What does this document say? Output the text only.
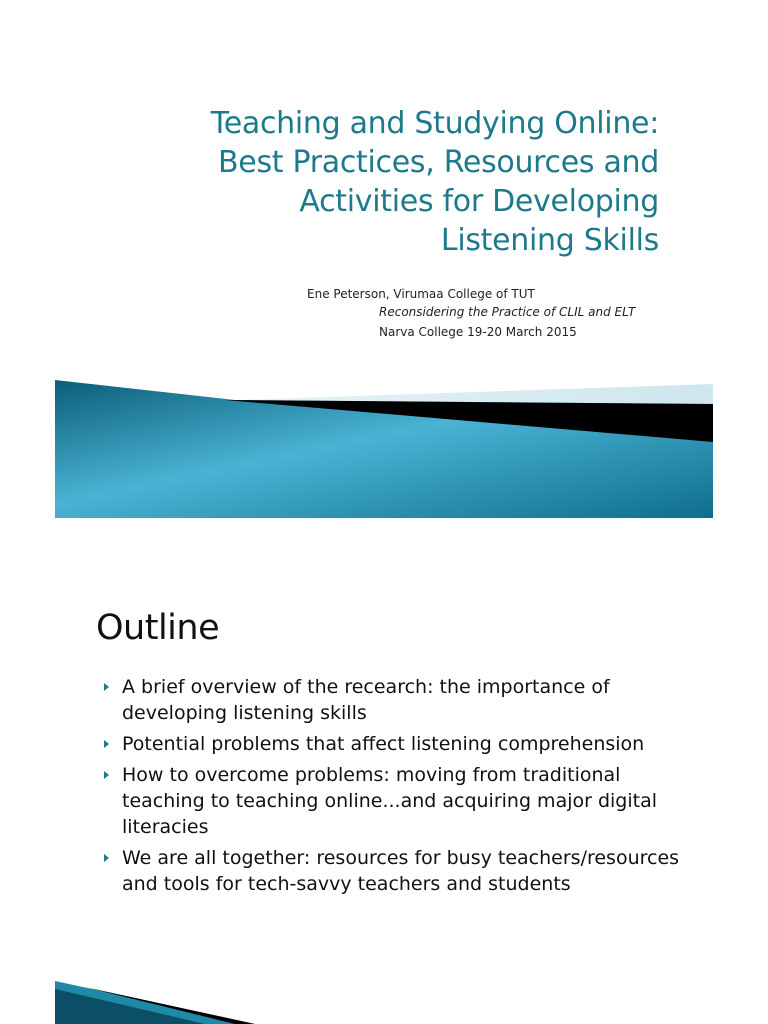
Teaching and Studying Online:
Best Practices, Resources and
Activities for Developing
Listening Skills
Ene Peterson, Virumaa College of TUT
Reconsidering the Practice of CLIL and ELT
Narva College 19-20 March 2015
Outline
A brief overview of the recearch: the importance of developing listening skills
Potential problems that affect listening comprehension
How to overcome problems: moving from traditional teaching to teaching online...and acquiring major digital literacies
We are all together: resources for busy teachers/resources and tools for tech-savvy teachers and students
